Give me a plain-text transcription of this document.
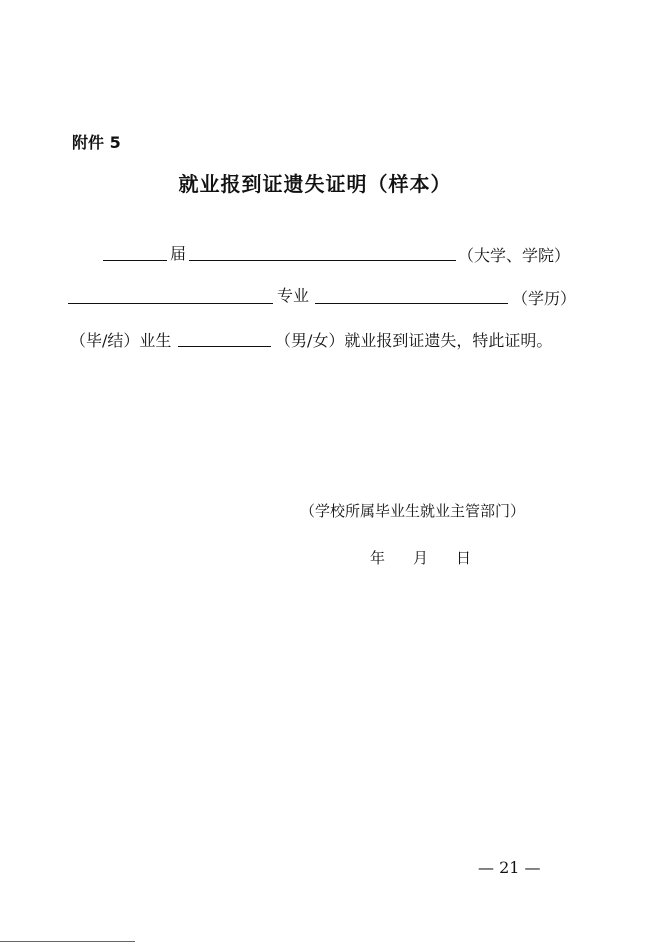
附件 5
就业报到证遗失证明（样本）
届	（大学、学院）
专业	（学历）
（毕/结）业生	（男/女）就业报到证遗失，特此证明。
（学校所属毕业生就业主管部门）
年 月 日
— 21 —
